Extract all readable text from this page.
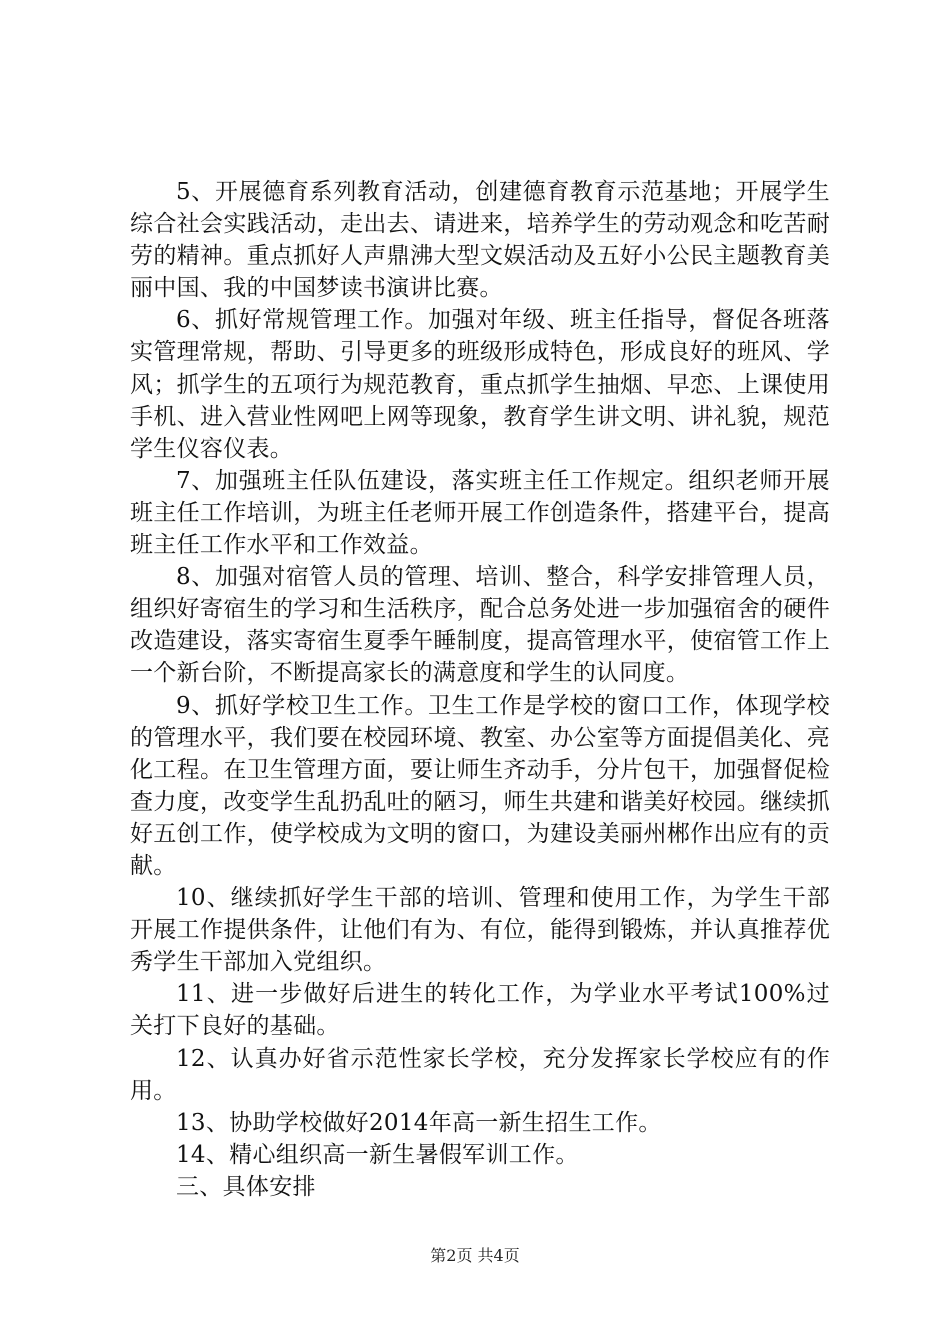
5、开展德育系列教育活动，创建德育教育示范基地；开展学生综合社会实践活动，走出去、请进来，培养学生的劳动观念和吃苦耐劳的精神。重点抓好人声鼎沸大型文娱活动及五好小公民主题教育美丽中国、我的中国梦读书演讲比赛。

6、抓好常规管理工作。加强对年级、班主任指导，督促各班落实管理常规，帮助、引导更多的班级形成特色，形成良好的班风、学风；抓学生的五项行为规范教育，重点抓学生抽烟、早恋、上课使用手机、进入营业性网吧上网等现象，教育学生讲文明、讲礼貌，规范学生仪容仪表。

7、加强班主任队伍建设，落实班主任工作规定。组织老师开展班主任工作培训，为班主任老师开展工作创造条件，搭建平台，提高班主任工作水平和工作效益。

8、加强对宿管人员的管理、培训、整合，科学安排管理人员，组织好寄宿生的学习和生活秩序，配合总务处进一步加强宿舍的硬件改造建设，落实寄宿生夏季午睡制度，提高管理水平，使宿管工作上一个新台阶，不断提高家长的满意度和学生的认同度。

9、抓好学校卫生工作。卫生工作是学校的窗口工作，体现学校的管理水平，我们要在校园环境、教室、办公室等方面提倡美化、亮化工程。在卫生管理方面，要让师生齐动手，分片包干，加强督促检查力度，改变学生乱扔乱吐的陋习，师生共建和谐美好校园。继续抓好五创工作，使学校成为文明的窗口，为建设美丽州郴作出应有的贡献。

10、继续抓好学生干部的培训、管理和使用工作，为学生干部开展工作提供条件，让他们有为、有位，能得到锻炼，并认真推荐优秀学生干部加入党组织。

11、进一步做好后进生的转化工作，为学业水平考试100%过关打下良好的基础。

12、认真办好省示范性家长学校，充分发挥家长学校应有的作用。

13、协助学校做好2014年高一新生招生工作。

14、精心组织高一新生暑假军训工作。

三、具体安排

第2页 共4页
